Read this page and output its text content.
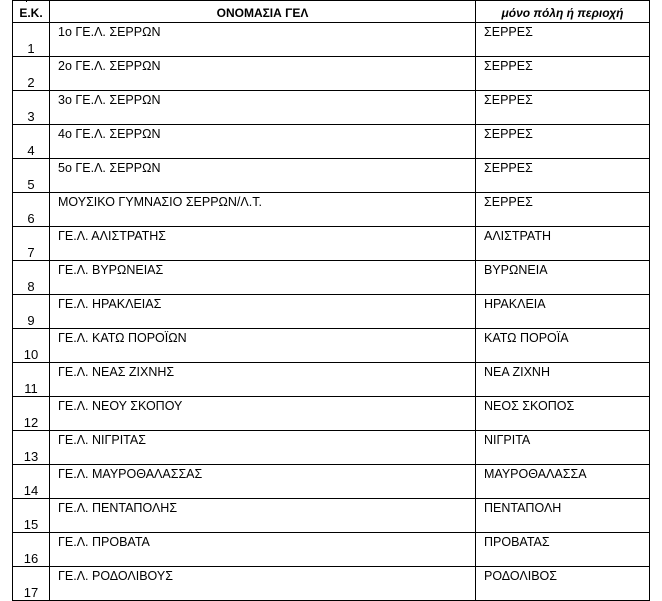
Ε.Κ.	ΟΝΟΜΑΣΙΑ ΓΕΛ	μόνο πόλη ή περιοχή
1	1ο ΓΕ.Λ. ΣΕΡΡΩΝ	ΣΕΡΡΕΣ
2	2ο ΓΕ.Λ. ΣΕΡΡΩΝ	ΣΕΡΡΕΣ
3	3ο ΓΕ.Λ. ΣΕΡΡΩΝ	ΣΕΡΡΕΣ
4	4ο ΓΕ.Λ. ΣΕΡΡΩΝ	ΣΕΡΡΕΣ
5	5ο ΓΕ.Λ. ΣΕΡΡΩΝ	ΣΕΡΡΕΣ
6	ΜΟΥΣΙΚΟ ΓΥΜΝΑΣΙΟ ΣΕΡΡΩΝ/Λ.Τ.	ΣΕΡΡΕΣ
7	ΓΕ.Λ. ΑΛΙΣΤΡΑΤΗΣ	ΑΛΙΣΤΡΑΤΗ
8	ΓΕ.Λ. ΒΥΡΩΝΕΙΑΣ	ΒΥΡΩΝΕΙΑ
9	ΓΕ.Λ. ΗΡΑΚΛΕΙΑΣ	ΗΡΑΚΛΕΙΑ
10	ΓΕ.Λ. ΚΑΤΩ ΠΟΡΟΪΩΝ	ΚΑΤΩ ΠΟΡΟΪΑ
11	ΓΕ.Λ. ΝΕΑΣ ΖΙΧΝΗΣ	ΝΕΑ ΖΙΧΝΗ
12	ΓΕ.Λ. ΝΕΟΥ ΣΚΟΠΟΥ	ΝΕΟΣ ΣΚΟΠΟΣ
13	ΓΕ.Λ. ΝΙΓΡΙΤΑΣ	ΝΙΓΡΙΤΑ
14	ΓΕ.Λ. ΜΑΥΡΟΘΑΛΑΣΣΑΣ	ΜΑΥΡΟΘΑΛΑΣΣΑ
15	ΓΕ.Λ. ΠΕΝΤΑΠΟΛΗΣ	ΠΕΝΤΑΠΟΛΗ
16	ΓΕ.Λ. ΠΡΟΒΑΤΑ	ΠΡΟΒΑΤΑΣ
17	ΓΕ.Λ. ΡΟΔΟΛΙΒΟΥΣ	ΡΟΔΟΛΙΒΟΣ
